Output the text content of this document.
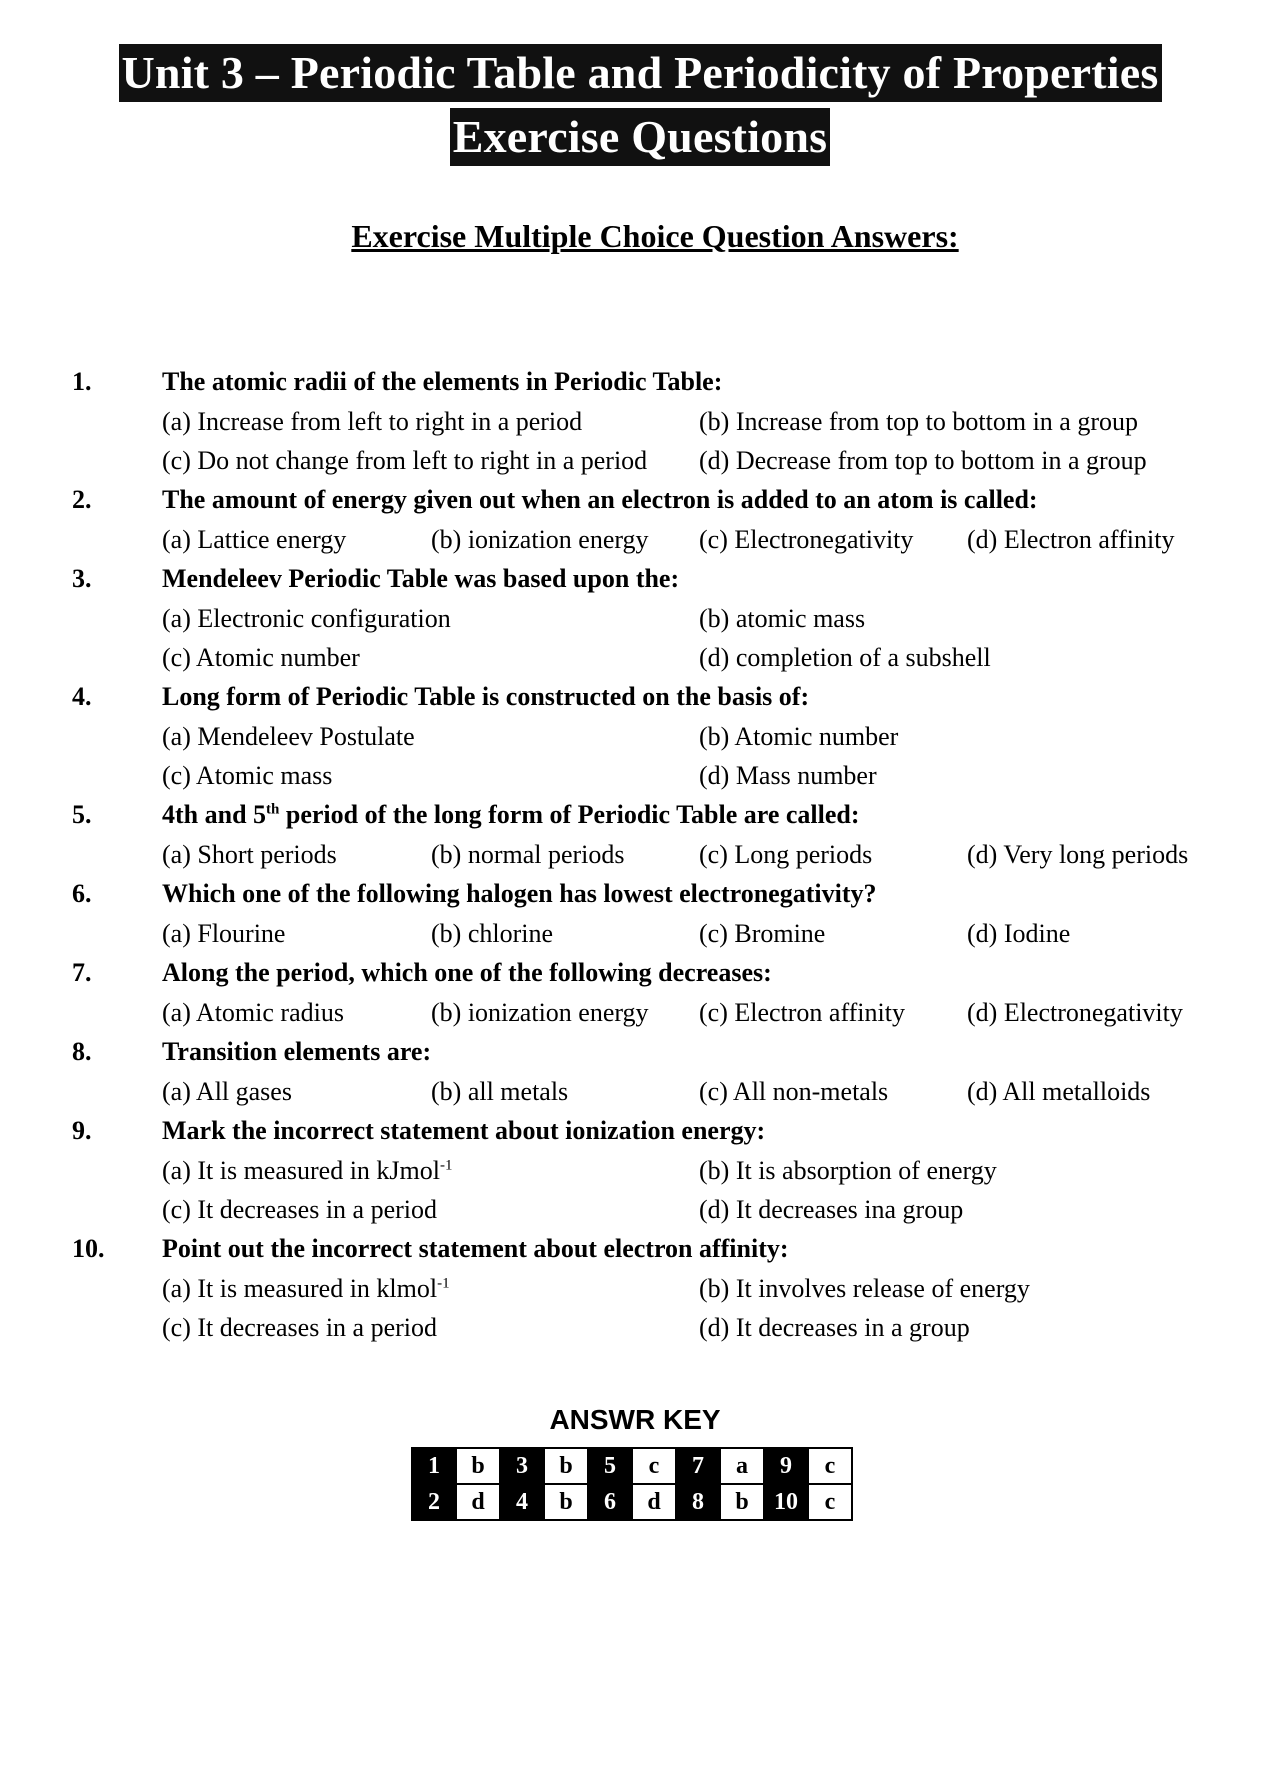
Unit 3 – Periodic Table and Periodicity of Properties
Exercise Questions
Exercise Multiple Choice Question Answers:
1.	The atomic radii of the elements in Periodic Table:
(a) Increase from left to right in a period	(b) Increase from top to bottom in a group
(c) Do not change from left to right in a period	(d) Decrease from top to bottom in a group
2.	The amount of energy given out when an electron is added to an atom is called:
(a) Lattice energy	(b) ionization energy	(c) Electronegativity	(d) Electron affinity
3.	Mendeleev Periodic Table was based upon the:
(a) Electronic configuration	(b) atomic mass
(c) Atomic number	(d) completion of a subshell
4.	Long form of Periodic Table is constructed on the basis of:
(a) Mendeleev Postulate	(b) Atomic number
(c) Atomic mass	(d) Mass number
5.	4th and 5th period of the long form of Periodic Table are called:
(a) Short periods	(b) normal periods	(c) Long periods	(d) Very long periods
6.	Which one of the following halogen has lowest electronegativity?
(a) Flourine	(b) chlorine	(c) Bromine	(d) Iodine
7.	Along the period, which one of the following decreases:
(a) Atomic radius	(b) ionization energy	(c) Electron affinity	(d) Electronegativity
8.	Transition elements are:
(a) All gases	(b) all metals	(c) All non-metals	(d) All metalloids
9.	Mark the incorrect statement about ionization energy:
(a) It is measured in kJmol$^{-1}$	(b) It is absorption of energy
(c) It decreases in a period	(d) It decreases ina group
10.	Point out the incorrect statement about electron affinity:
(a) It is measured in klmol$^{-1}$	(b) It involves release of energy
(c) It decreases in a period	(d) It decreases in a group
ANSWR KEY
1	b	3	b	5	c	7	a	9	c
2	d	4	b	6	d	8	b	10	c
